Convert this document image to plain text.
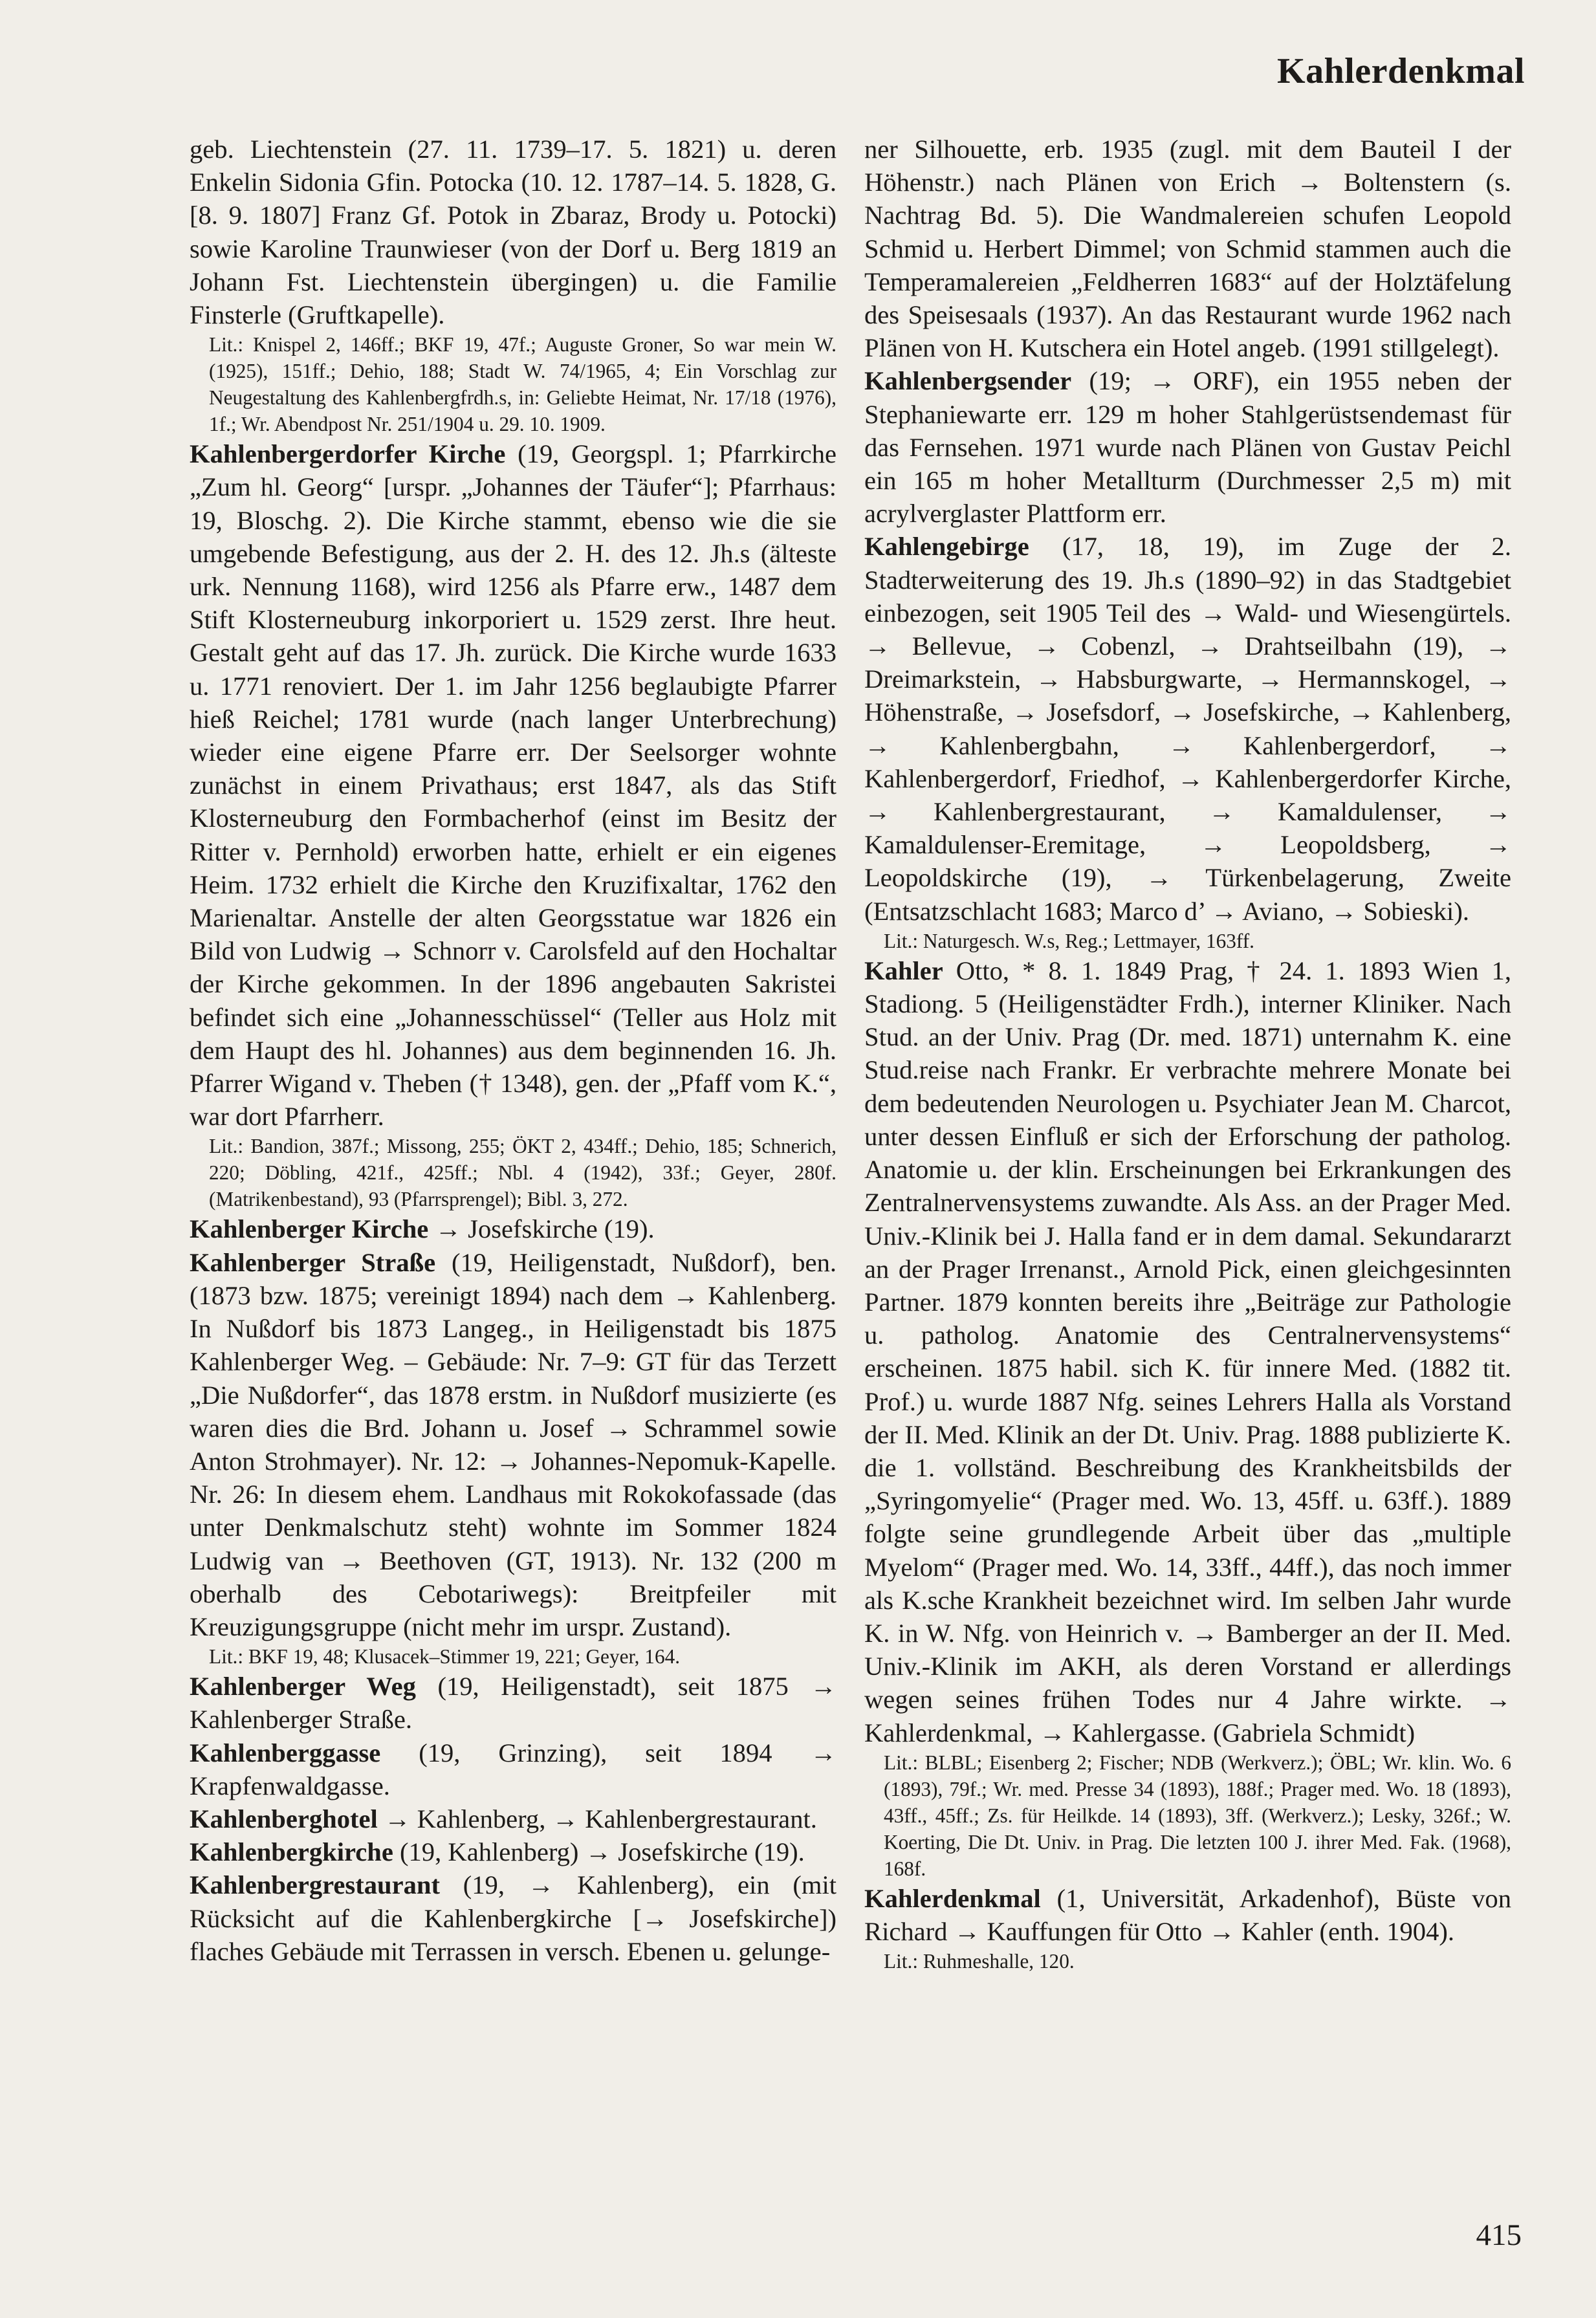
Kahlerdenkmal

geb. Liechtenstein (27. 11. 1739–17. 5. 1821) u. deren Enkelin Sidonia Gfin. Potocka (10. 12. 1787–14. 5. 1828, G. [8. 9. 1807] Franz Gf. Potok in Zbaraz, Brody u. Potocki) sowie Karoline Traunwieser (von der Dorf u. Berg 1819 an Johann Fst. Liechtenstein übergingen) u. die Familie Finsterle (Gruftkapelle).

Lit.: Knispel 2, 146ff.; BKF 19, 47f.; Auguste Groner, So war mein W. (1925), 151ff.; Dehio, 188; Stadt W. 74/1965, 4; Ein Vorschlag zur Neugestaltung des Kahlenbergfrdh.s, in: Geliebte Heimat, Nr. 17/18 (1976), 1f.; Wr. Abendpost Nr. 251/1904 u. 29. 10. 1909.

Kahlenbergerdorfer Kirche (19, Georgspl. 1; Pfarrkirche „Zum hl. Georg“ [urspr. „Johannes der Täufer“]; Pfarrhaus: 19, Bloschg. 2). Die Kirche stammt, ebenso wie die sie umgebende Befestigung, aus der 2. H. des 12. Jh.s (älteste urk. Nennung 1168), wird 1256 als Pfarre erw., 1487 dem Stift Klosterneuburg inkorporiert u. 1529 zerst. Ihre heut. Gestalt geht auf das 17. Jh. zurück. Die Kirche wurde 1633 u. 1771 renoviert. Der 1. im Jahr 1256 beglaubigte Pfarrer hieß Reichel; 1781 wurde (nach langer Unterbrechung) wieder eine eigene Pfarre err. Der Seelsorger wohnte zunächst in einem Privathaus; erst 1847, als das Stift Klosterneuburg den Formbacherhof (einst im Besitz der Ritter v. Pernhold) erworben hatte, erhielt er ein eigenes Heim. 1732 erhielt die Kirche den Kruzifixaltar, 1762 den Marienaltar. Anstelle der alten Georgsstatue war 1826 ein Bild von Ludwig → Schnorr v. Carolsfeld auf den Hochaltar der Kirche gekommen. In der 1896 angebauten Sakristei befindet sich eine „Johannesschüssel“ (Teller aus Holz mit dem Haupt des hl. Johannes) aus dem beginnenden 16. Jh. Pfarrer Wigand v. Theben († 1348), gen. der „Pfaff vom K.“, war dort Pfarrherr.

Lit.: Bandion, 387f.; Missong, 255; ÖKT 2, 434ff.; Dehio, 185; Schnerich, 220; Döbling, 421f., 425ff.; Nbl. 4 (1942), 33f.; Geyer, 280f. (Matrikenbestand), 93 (Pfarrsprengel); Bibl. 3, 272.

Kahlenberger Kirche → Josefskirche (19).

Kahlenberger Straße (19, Heiligenstadt, Nußdorf), ben. (1873 bzw. 1875; vereinigt 1894) nach dem → Kahlenberg. In Nußdorf bis 1873 Langeg., in Heiligenstadt bis 1875 Kahlenberger Weg. – Gebäude: Nr. 7–9: GT für das Terzett „Die Nußdorfer“, das 1878 erstm. in Nußdorf musizierte (es waren dies die Brd. Johann u. Josef → Schrammel sowie Anton Strohmayer). Nr. 12: → Johannes-Nepomuk-Kapelle. Nr. 26: In diesem ehem. Landhaus mit Rokokofassade (das unter Denkmalschutz steht) wohnte im Sommer 1824 Ludwig van → Beethoven (GT, 1913). Nr. 132 (200 m oberhalb des Cebotariwegs): Breitpfeiler mit Kreuzigungsgruppe (nicht mehr im urspr. Zustand).

Lit.: BKF 19, 48; Klusacek–Stimmer 19, 221; Geyer, 164.

Kahlenberger Weg (19, Heiligenstadt), seit 1875 → Kahlenberger Straße.

Kahlenberggasse (19, Grinzing), seit 1894 → Krapfenwaldgasse.

Kahlenberghotel → Kahlenberg, → Kahlenbergrestaurant.

Kahlenbergkirche (19, Kahlenberg) → Josefskirche (19).

Kahlenbergrestaurant (19, → Kahlenberg), ein (mit Rücksicht auf die Kahlenbergkirche [→ Josefskirche]) flaches Gebäude mit Terrassen in versch. Ebenen u. gelunge-

ner Silhouette, erb. 1935 (zugl. mit dem Bauteil I der Höhenstr.) nach Plänen von Erich → Boltenstern (s. Nachtrag Bd. 5). Die Wandmalereien schufen Leopold Schmid u. Herbert Dimmel; von Schmid stammen auch die Temperamalereien „Feldherren 1683“ auf der Holztäfelung des Speisesaals (1937). An das Restaurant wurde 1962 nach Plänen von H. Kutschera ein Hotel angeb. (1991 stillgelegt).

Kahlenbergsender (19; → ORF), ein 1955 neben der Stephaniewarte err. 129 m hoher Stahlgerüstsendemast für das Fernsehen. 1971 wurde nach Plänen von Gustav Peichl ein 165 m hoher Metallturm (Durchmesser 2,5 m) mit acrylverglaster Plattform err.

Kahlengebirge (17, 18, 19), im Zuge der 2. Stadterweiterung des 19. Jh.s (1890–92) in das Stadtgebiet einbezogen, seit 1905 Teil des → Wald- und Wiesengürtels. → Bellevue, → Cobenzl, → Drahtseilbahn (19), → Dreimarkstein, → Habsburgwarte, → Hermannskogel, → Höhenstraße, → Josefsdorf, → Josefskirche, → Kahlenberg, → Kahlenbergbahn, → Kahlenbergerdorf, → Kahlenbergerdorf, Friedhof, → Kahlenbergerdorfer Kirche, → Kahlenbergrestaurant, → Kamaldulenser, → Kamaldulenser-Eremitage, → Leopoldsberg, → Leopoldskirche (19), → Türkenbelagerung, Zweite (Entsatzschlacht 1683; Marco d’ → Aviano, → Sobieski).

Lit.: Naturgesch. W.s, Reg.; Lettmayer, 163ff.

Kahler Otto, * 8. 1. 1849 Prag, † 24. 1. 1893 Wien 1, Stadiong. 5 (Heiligenstädter Frdh.), interner Kliniker. Nach Stud. an der Univ. Prag (Dr. med. 1871) unternahm K. eine Stud.reise nach Frankr. Er verbrachte mehrere Monate bei dem bedeutenden Neurologen u. Psychiater Jean M. Charcot, unter dessen Einfluß er sich der Erforschung der patholog. Anatomie u. der klin. Erscheinungen bei Erkrankungen des Zentralnervensystems zuwandte. Als Ass. an der Prager Med. Univ.-Klinik bei J. Halla fand er in dem damal. Sekundararzt an der Prager Irrenanst., Arnold Pick, einen gleichgesinnten Partner. 1879 konnten bereits ihre „Beiträge zur Pathologie u. patholog. Anatomie des Centralnervensystems“ erscheinen. 1875 habil. sich K. für innere Med. (1882 tit. Prof.) u. wurde 1887 Nfg. seines Lehrers Halla als Vorstand der II. Med. Klinik an der Dt. Univ. Prag. 1888 publizierte K. die 1. vollständ. Beschreibung des Krankheitsbilds der „Syringomyelie“ (Prager med. Wo. 13, 45ff. u. 63ff.). 1889 folgte seine grundlegende Arbeit über das „multiple Myelom“ (Prager med. Wo. 14, 33ff., 44ff.), das noch immer als K.sche Krankheit bezeichnet wird. Im selben Jahr wurde K. in W. Nfg. von Heinrich v. → Bamberger an der II. Med. Univ.-Klinik im AKH, als deren Vorstand er allerdings wegen seines frühen Todes nur 4 Jahre wirkte. → Kahlerdenkmal, → Kahlergasse. (Gabriela Schmidt)

Lit.: BLBL; Eisenberg 2; Fischer; NDB (Werkverz.); ÖBL; Wr. klin. Wo. 6 (1893), 79f.; Wr. med. Presse 34 (1893), 188f.; Prager med. Wo. 18 (1893), 43ff., 45ff.; Zs. für Heilkde. 14 (1893), 3ff. (Werkverz.); Lesky, 326f.; W. Koerting, Die Dt. Univ. in Prag. Die letzten 100 J. ihrer Med. Fak. (1968), 168f.

Kahlerdenkmal (1, Universität, Arkadenhof), Büste von Richard → Kauffungen für Otto → Kahler (enth. 1904).

Lit.: Ruhmeshalle, 120.

415
